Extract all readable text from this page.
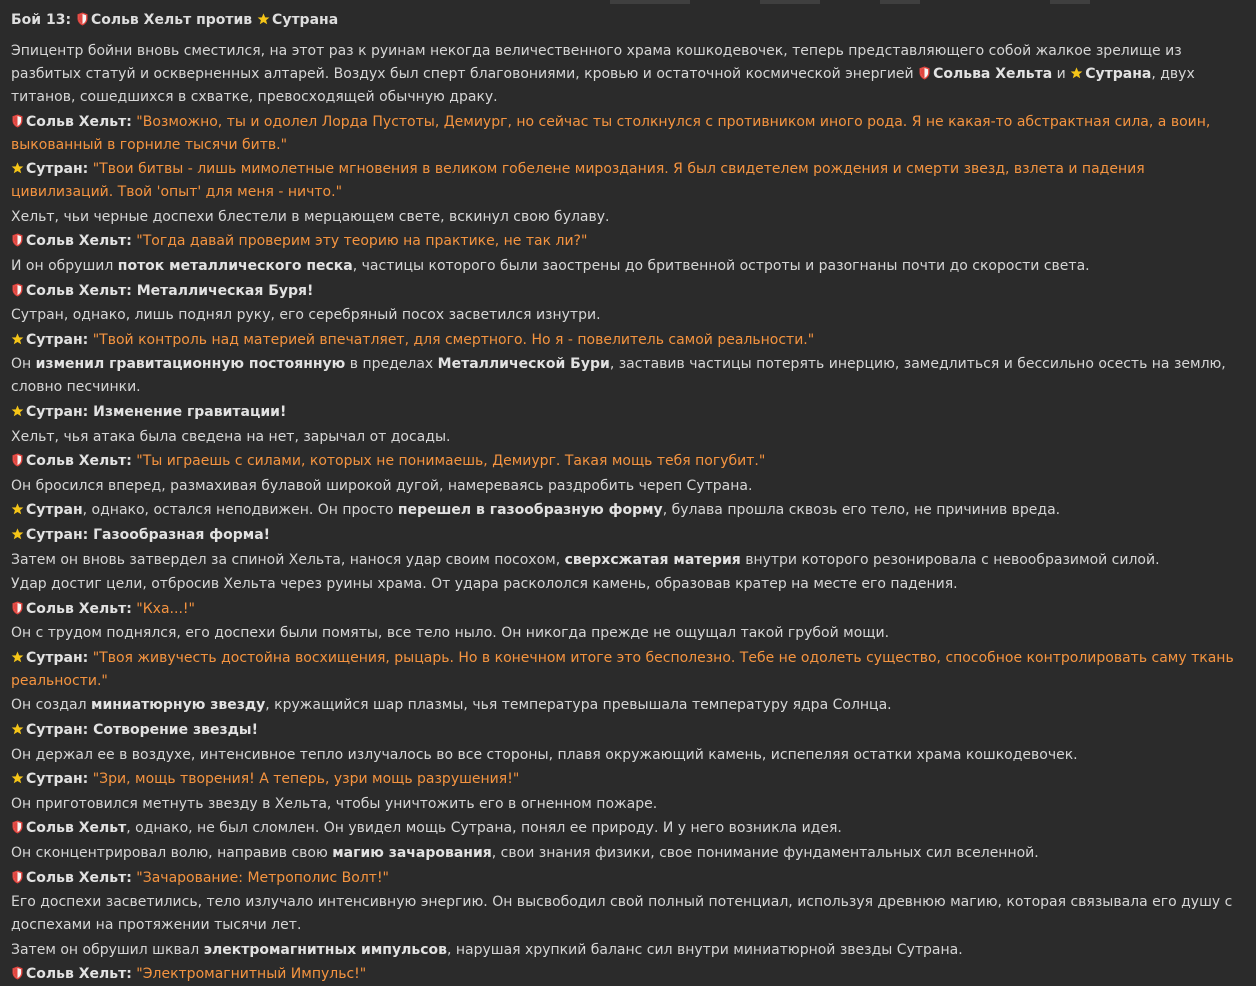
Бой 13: Сольв Хельт против Сутрана
Эпицентр бойни вновь сместился, на этот раз к руинам некогда величественного храма кошкодевочек, теперь представляющего собой жалкое зрелище из разбитых статуй и оскверненных алтарей. Воздух был сперт благовониями, кровью и остаточной космической энергией
Сольва Хельта и
Сутрана, двух титанов, сошедшихся в схватке, превосходящей обычную драку.
Сольв Хельт: "Возможно, ты и одолел Лорда Пустоты, Демиург, но сейчас ты столкнулся с противником иного рода. Я не какая-то абстрактная сила, а воин, выкованный в горниле тысячи битв."
Сутран: "Твои битвы - лишь мимолетные мгновения в великом гобелене мироздания. Я был свидетелем рождения и смерти звезд, взлета и падения цивилизаций. Твой 'опыт' для меня - ничто."
Хельт, чьи черные доспехи блестели в мерцающем свете, вскинул свою булаву.
Сольв Хельт: "Тогда давай проверим эту теорию на практике, не так ли?"
И он обрушил поток металлического песка, частицы которого были заострены до бритвенной остроты и разогнаны почти до скорости света.
Сольв Хельт: Металлическая Буря!
Сутран, однако, лишь поднял руку, его серебряный посох засветился изнутри.
Сутран: "Твой контроль над материей впечатляет, для смертного. Но я - повелитель самой реальности."
Он изменил гравитационную постоянную в пределах Металлической Бури, заставив частицы потерять инерцию, замедлиться и бессильно осесть на землю, словно песчинки.
Сутран: Изменение гравитации!
Хельт, чья атака была сведена на нет, зарычал от досады.
Сольв Хельт: "Ты играешь с силами, которых не понимаешь, Демиург. Такая мощь тебя погубит."
Он бросился вперед, размахивая булавой широкой дугой, намереваясь раздробить череп Сутрана.
Сутран, однако, остался неподвижен. Он просто перешел в газообразную форму, булава прошла сквозь его тело, не причинив вреда.
Сутран: Газообразная форма!
Затем он вновь затвердел за спиной Хельта, нанося удар своим посохом, сверхсжатая материя внутри которого резонировала с невообразимой силой.
Удар достиг цели, отбросив Хельта через руины храма. От удара раскололся камень, образовав кратер на месте его падения.
Сольв Хельт: "Кха...!"
Он с трудом поднялся, его доспехи были помяты, все тело ныло. Он никогда прежде не ощущал такой грубой мощи.
Сутран: "Твоя живучесть достойна восхищения, рыцарь. Но в конечном итоге это бесполезно. Тебе не одолеть существо, способное контролировать саму ткань реальности."
Он создал миниатюрную звезду, кружащийся шар плазмы, чья температура превышала температуру ядра Солнца.
Сутран: Сотворение звезды!
Он держал ее в воздухе, интенсивное тепло излучалось во все стороны, плавя окружающий камень, испепеляя остатки храма кошкодевочек.
Сутран: "Зри, мощь творения! А теперь, узри мощь разрушения!"
Он приготовился метнуть звезду в Хельта, чтобы уничтожить его в огненном пожаре.
Сольв Хельт, однако, не был сломлен. Он увидел мощь Сутрана, понял ее природу. И у него возникла идея.
Он сконцентрировал волю, направив свою магию зачарования, свои знания физики, свое понимание фундаментальных сил вселенной.
Сольв Хельт: "Зачарование: Метрополис Волт!"
Его доспехи засветились, тело излучало интенсивную энергию. Он высвободил свой полный потенциал, используя древнюю магию, которая связывала его душу с доспехами на протяжении тысячи лет.
Затем он обрушил шквал электромагнитных импульсов, нарушая хрупкий баланс сил внутри миниатюрной звезды Сутрана.
Сольв Хельт: "Электромагнитный Импульс!"
